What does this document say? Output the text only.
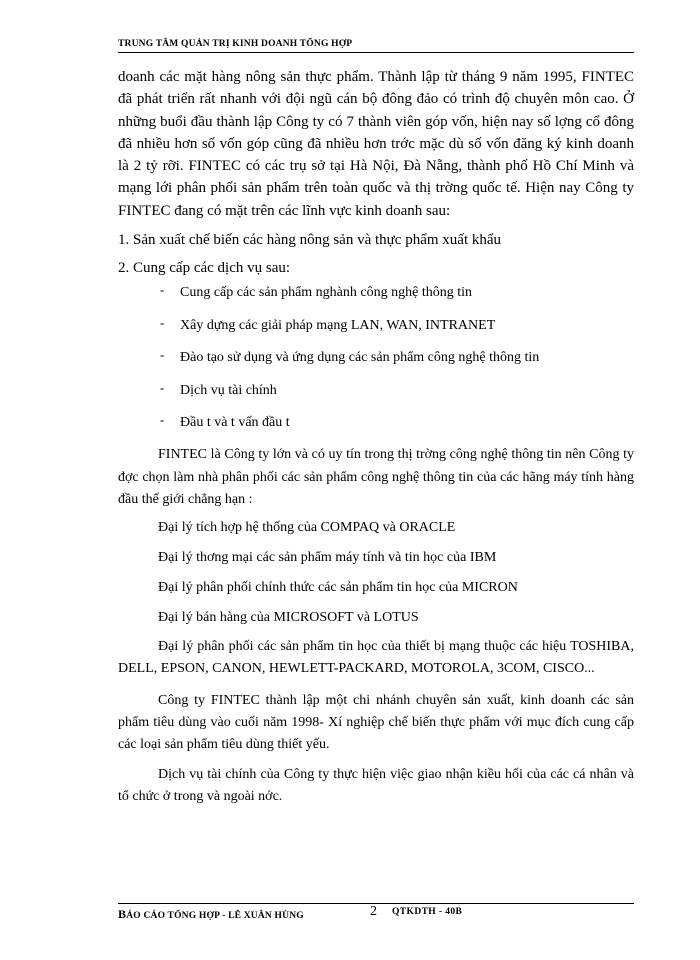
TRUNG TÂM QUẢN TRỊ KINH DOANH TỔNG HỢP

doanh các mặt hàng nông sản thực phẩm. Thành lập từ tháng 9 năm 1995, FINTEC đã phát triển rất nhanh với đội ngũ cán bộ đông đảo có trình độ chuyên môn cao. Ở những buổi đầu thành lập Công ty có 7 thành viên góp vốn, hiện nay số lợng cổ đông đã nhiều hơn số vốn góp cũng đã nhiều hơn trớc mặc dù số vốn đăng ký kinh doanh là 2 tỷ rỡi. FINTEC có các trụ sở tại Hà Nội, Đà Nẵng, thành phố Hồ Chí Minh và mạng lới phân phối sản phẩm trên toàn quốc và thị trờng quốc tế. Hiện nay Công ty FINTEC đang có mặt trên các lĩnh vực kinh doanh sau:

1. Sản xuất chế biến các hàng nông sản và thực phẩm xuất khẩu

2. Cung cấp các dịch vụ sau:

- Cung cấp các sản phẩm nghành công nghệ thông tin
- Xây dựng các giải pháp mạng LAN, WAN, INTRANET
- Đào tạo sử dụng và ứng dụng các sản phẩm công nghệ thông tin
- Dịch vụ tài chính
- Đầu t và t vấn đầu t

FINTEC là Công ty lớn và có uy tín trong thị trờng công nghệ thông tin nên Công ty đợc chọn làm nhà phân phối các sản phẩm công nghệ thông tin của các hãng máy tính hàng đầu thế giới chẳng hạn :

Đại lý tích hợp hệ thống của COMPAQ và ORACLE

Đại lý thơng mại các sản phẩm máy tính và tin học của IBM

Đại lý phân phối chính thức các sản phẩm tin học của MICRON

Đại lý bán hàng của MICROSOFT và LOTUS

Đại lý phân phối các sản phẩm tin học của thiết bị mạng thuộc các hiệu TOSHIBA, DELL, EPSON, CANON, HEWLETT-PACKARD, MOTOROLA, 3COM, CISCO...

Công ty FINTEC thành lập một chi nhánh chuyên sản xuất, kinh doanh các sản phẩm tiêu dùng vào cuối năm 1998- Xí nghiệp chế biến thực phẩm với mục đích cung cấp các loại sản phẩm tiêu dùng thiết yếu.

Dịch vụ tài chính của Công ty thực hiện việc giao nhận kiều hối của các cá nhân và tổ chức ở trong và ngoài nớc.

BÁO CÁO TỔNG HỢP - LÊ XUÂN HÙNG	2 QTKDTH - 40B
